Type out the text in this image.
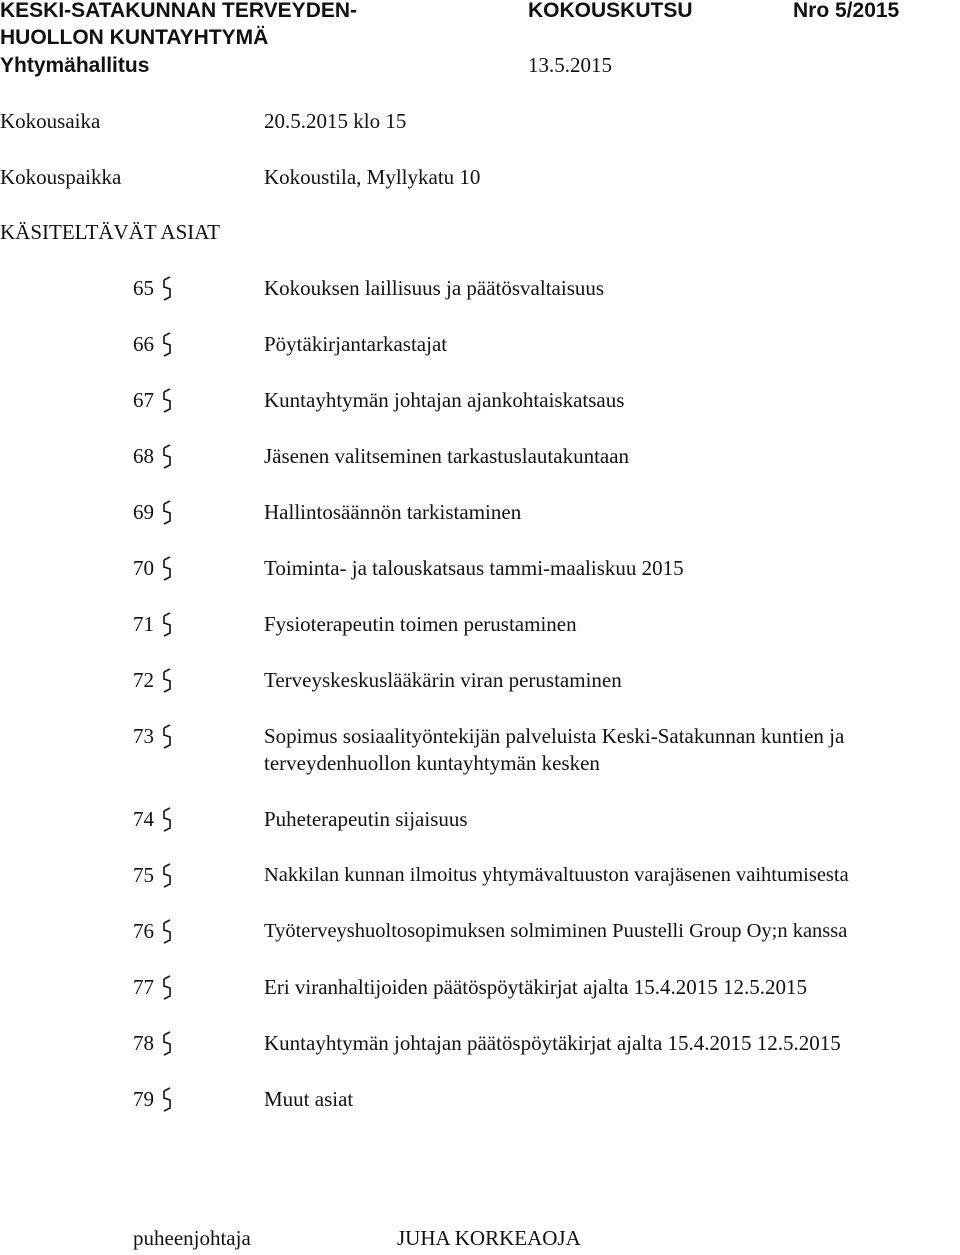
KESKI-SATAKUNNAN TERVEYDEN-
HUOLLON KUNTAYHTYMÄ
Yhtymähallitus
KOKOUSKUTSU	Nro 5/2015
13.5.2015
Kokousaika	20.5.2015 klo 15
Kokouspaikka	Kokoustila, Myllykatu 10
KÄSITELTÄVÄT ASIAT
65	Kokouksen laillisuus ja päätösvaltaisuus
66	Pöytäkirjantarkastajat
67	Kuntayhtymän johtajan ajankohtaiskatsaus
68	Jäsenen valitseminen tarkastuslautakuntaan
69	Hallintosäännön tarkistaminen
70	Toiminta- ja talouskatsaus tammi-maaliskuu 2015
71	Fysioterapeutin toimen perustaminen
72	Terveyskeskuslääkärin viran perustaminen
73	Sopimus sosiaalityöntekijän palveluista Keski-Satakunnan kuntien ja terveydenhuollon kuntayhtymän kesken
74	Puheterapeutin sijaisuus
75	Nakkilan kunnan ilmoitus yhtymävaltuuston varajäsenen vaihtumisesta
76	Työterveyshuoltosopimuksen solmiminen Puustelli Group Oy;n kanssa
77	Eri viranhaltijoiden päätöspöytäkirjat ajalta 15.4.2015 12.5.2015
78	Kuntayhtymän johtajan päätöspöytäkirjat ajalta 15.4.2015 12.5.2015
79	Muut asiat
puheenjohtaja	JUHA KORKEAOJA
